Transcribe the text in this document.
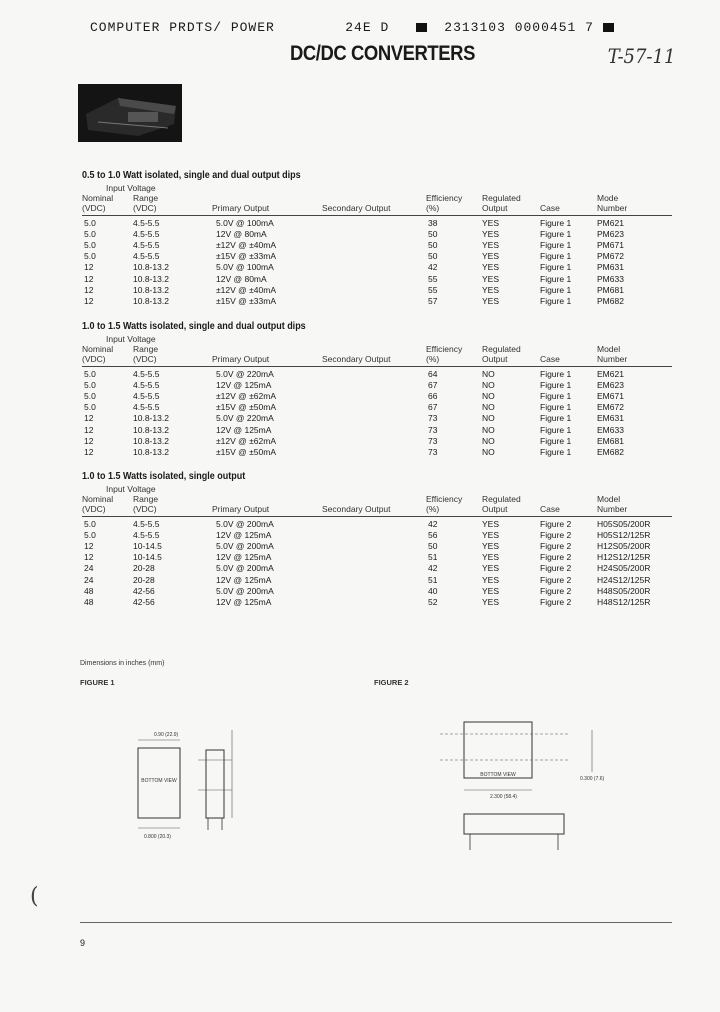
COMPUTER PRDTS/ POWER	24E D	2313103 0000451 7
DC/DC CONVERTERS	T-57-11
0.5 to 1.0 Watt isolated, single and dual output dips
Input Voltage
Nominal
(VDC)
Range
(VDC)	Primary Output	Secondary Output
Efficiency
(%)
Regulated
Output	Case
Mode
Number
5.0	4.5-5.5	5.0V @ 100mA	38	YES	Figure 1	PM621
5.0	4.5-5.5	12V @ 80mA	50	YES	Figure 1	PM623
5.0	4.5-5.5	±12V @ ±40mA	50	YES	Figure 1	PM671
5.0	4.5-5.5	±15V @ ±33mA	50	YES	Figure 1	PM672
12	10.8-13.2	5.0V @ 100mA	42	YES	Figure 1	PM631
12	10.8-13.2	12V @ 80mA	55	YES	Figure 1	PM633
12	10.8-13.2	±12V @ ±40mA	55	YES	Figure 1	PM681
12	10.8-13.2	±15V @ ±33mA	57	YES	Figure 1	PM682
1.0 to 1.5 Watts isolated, single and dual output dips
Input Voltage
Nominal
(VDC)
Range
(VDC)	Primary Output	Secondary Output
Efficiency
(%)
Regulated
Output	Case
Model
Number
5.0	4.5-5.5	5.0V @ 220mA	64	NO	Figure 1	EM621
5.0	4.5-5.5	12V @ 125mA	67	NO	Figure 1	EM623
5.0	4.5-5.5	±12V @ ±62mA	66	NO	Figure 1	EM671
5.0	4.5-5.5	±15V @ ±50mA	67	NO	Figure 1	EM672
12	10.8-13.2	5.0V @ 220mA	73	NO	Figure 1	EM631
12	10.8-13.2	12V @ 125mA	73	NO	Figure 1	EM633
12	10.8-13.2	±12V @ ±62mA	73	NO	Figure 1	EM681
12	10.8-13.2	±15V @ ±50mA	73	NO	Figure 1	EM682
1.0 to 1.5 Watts isolated, single output
Input Voltage
Nominal
(VDC)
Range
(VDC)	Primary Output	Secondary Output
Efficiency
(%)
Regulated
Output	Case
Model
Number
5.0	4.5-5.5	5.0V @ 200mA	42	YES	Figure 2	H05S05/200R
5.0	4.5-5.5	12V @ 125mA	56	YES	Figure 2	H05S12/125R
12	10-14.5	5.0V @ 200mA	50	YES	Figure 2	H12S05/200R
12	10-14.5	12V @ 125mA	51	YES	Figure 2	H12S12/125R
24	20-28	5.0V @ 200mA	42	YES	Figure 2	H24S05/200R
24	20-28	12V @ 125mA	51	YES	Figure 2	H24S12/125R
48	42-56	5.0V @ 200mA	40	YES	Figure 2	H48S05/200R
48	42-56	12V @ 125mA	52	YES	Figure 2	H48S12/125R
Dimensions in inches (mm)
FIGURE 1	FIGURE 2
BOTTOM VIEW
0.90 (22.9)
0.800 (20.3)
BOTTOM VIEW
2.300 (58.4)
0.300 (7.6)
(
9
